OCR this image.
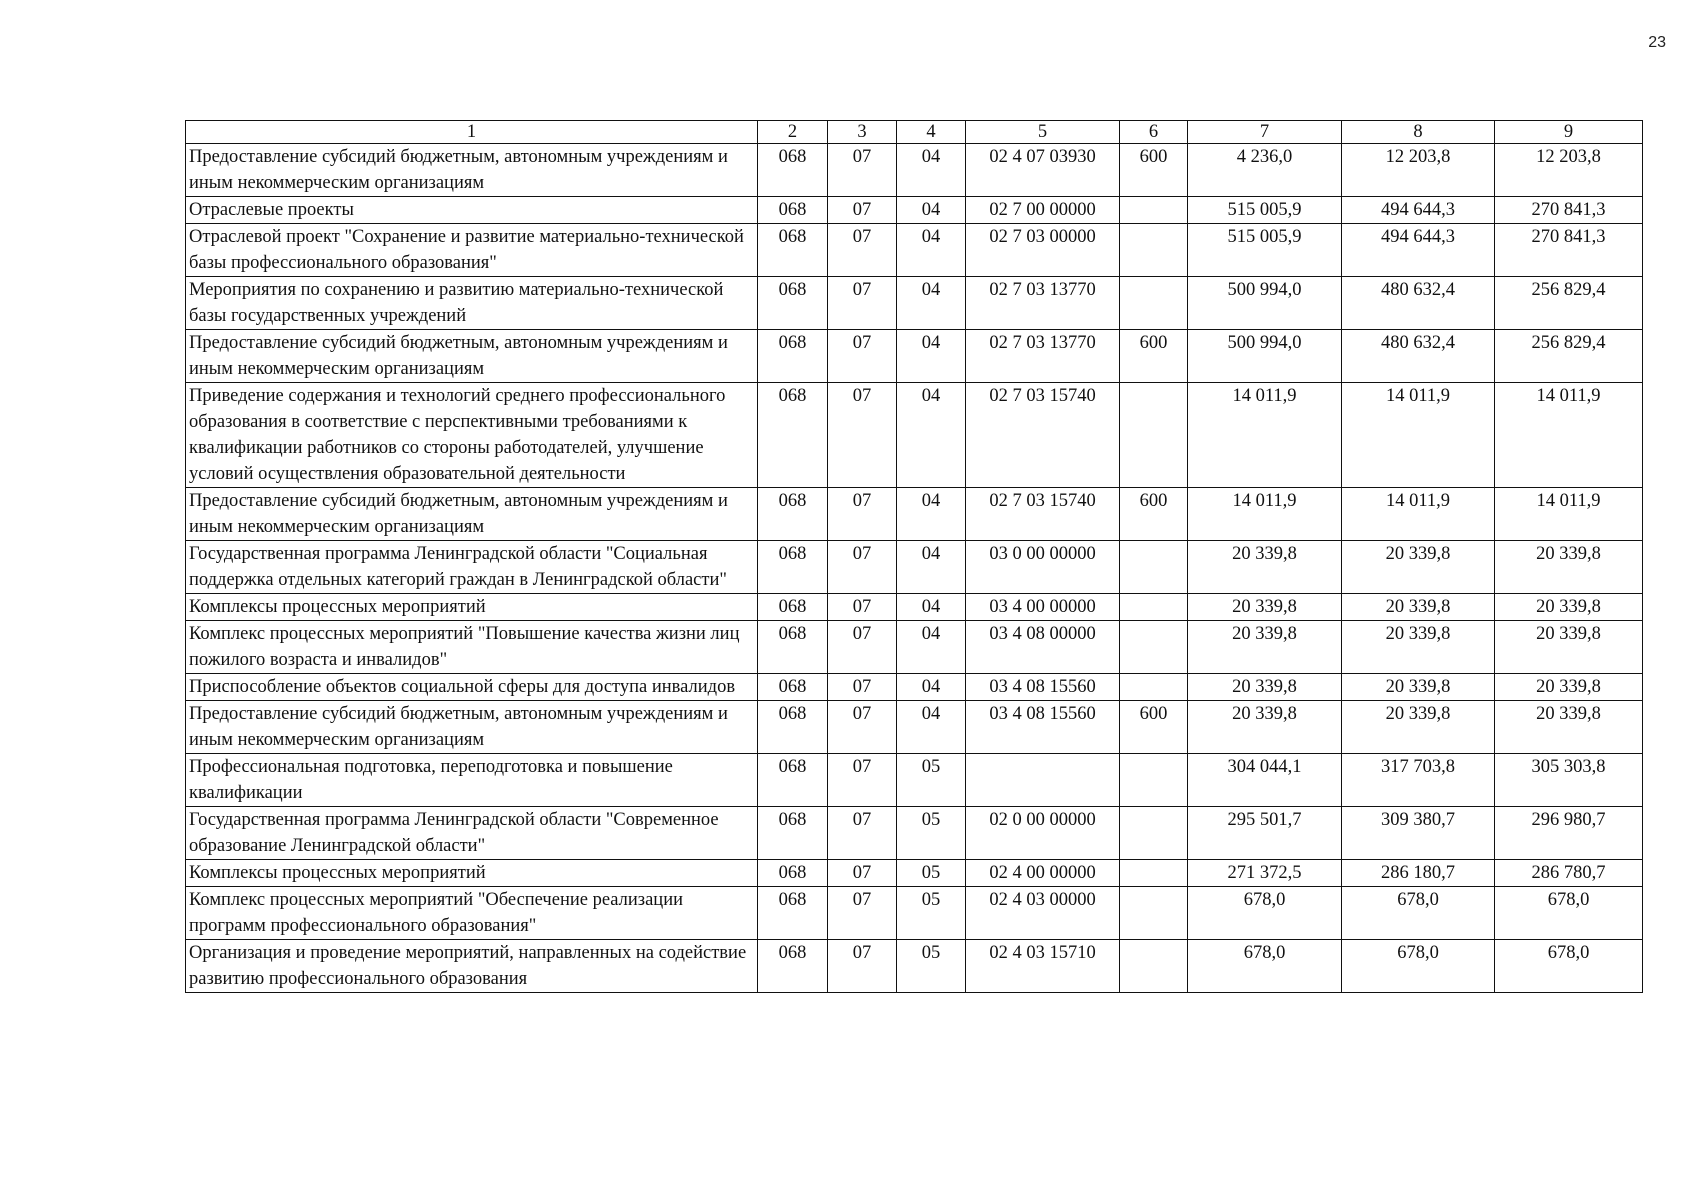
23
1	2	3	4	5	6	7	8	9
Предоставление субсидий бюджетным, автономным учреждениям и иным некоммерческим организациям	068	07	04	02 4 07 03930	600	4 236,0	12 203,8	12 203,8
Отраслевые проекты	068	07	04	02 7 00 00000		515 005,9	494 644,3	270 841,3
Отраслевой проект "Сохранение и развитие материально-технической базы профессионального образования"	068	07	04	02 7 03 00000		515 005,9	494 644,3	270 841,3
Мероприятия по сохранению и развитию материально-технической базы государственных учреждений	068	07	04	02 7 03 13770		500 994,0	480 632,4	256 829,4
Предоставление субсидий бюджетным, автономным учреждениям и иным некоммерческим организациям	068	07	04	02 7 03 13770	600	500 994,0	480 632,4	256 829,4
Приведение содержания и технологий среднего профессионального образования в соответствие с перспективными требованиями к квалификации работников со стороны работодателей, улучшение условий осуществления образовательной деятельности	068	07	04	02 7 03 15740		14 011,9	14 011,9	14 011,9
Предоставление субсидий бюджетным, автономным учреждениям и иным некоммерческим организациям	068	07	04	02 7 03 15740	600	14 011,9	14 011,9	14 011,9
Государственная программа Ленинградской области "Социальная поддержка отдельных категорий граждан в Ленинградской области"	068	07	04	03 0 00 00000		20 339,8	20 339,8	20 339,8
Комплексы процессных мероприятий	068	07	04	03 4 00 00000		20 339,8	20 339,8	20 339,8
Комплекс процессных мероприятий "Повышение качества жизни лиц пожилого возраста и инвалидов"	068	07	04	03 4 08 00000		20 339,8	20 339,8	20 339,8
Приспособление объектов социальной сферы для доступа инвалидов	068	07	04	03 4 08 15560		20 339,8	20 339,8	20 339,8
Предоставление субсидий бюджетным, автономным учреждениям и иным некоммерческим организациям	068	07	04	03 4 08 15560	600	20 339,8	20 339,8	20 339,8
Профессиональная подготовка, переподготовка и повышение квалификации	068	07	05			304 044,1	317 703,8	305 303,8
Государственная программа Ленинградской области "Современное образование Ленинградской области"	068	07	05	02 0 00 00000		295 501,7	309 380,7	296 980,7
Комплексы процессных мероприятий	068	07	05	02 4 00 00000		271 372,5	286 180,7	286 780,7
Комплекс процессных мероприятий "Обеспечение реализации программ профессионального образования"	068	07	05	02 4 03 00000		678,0	678,0	678,0
Организация и проведение мероприятий, направленных на содействие развитию профессионального образования	068	07	05	02 4 03 15710		678,0	678,0	678,0
